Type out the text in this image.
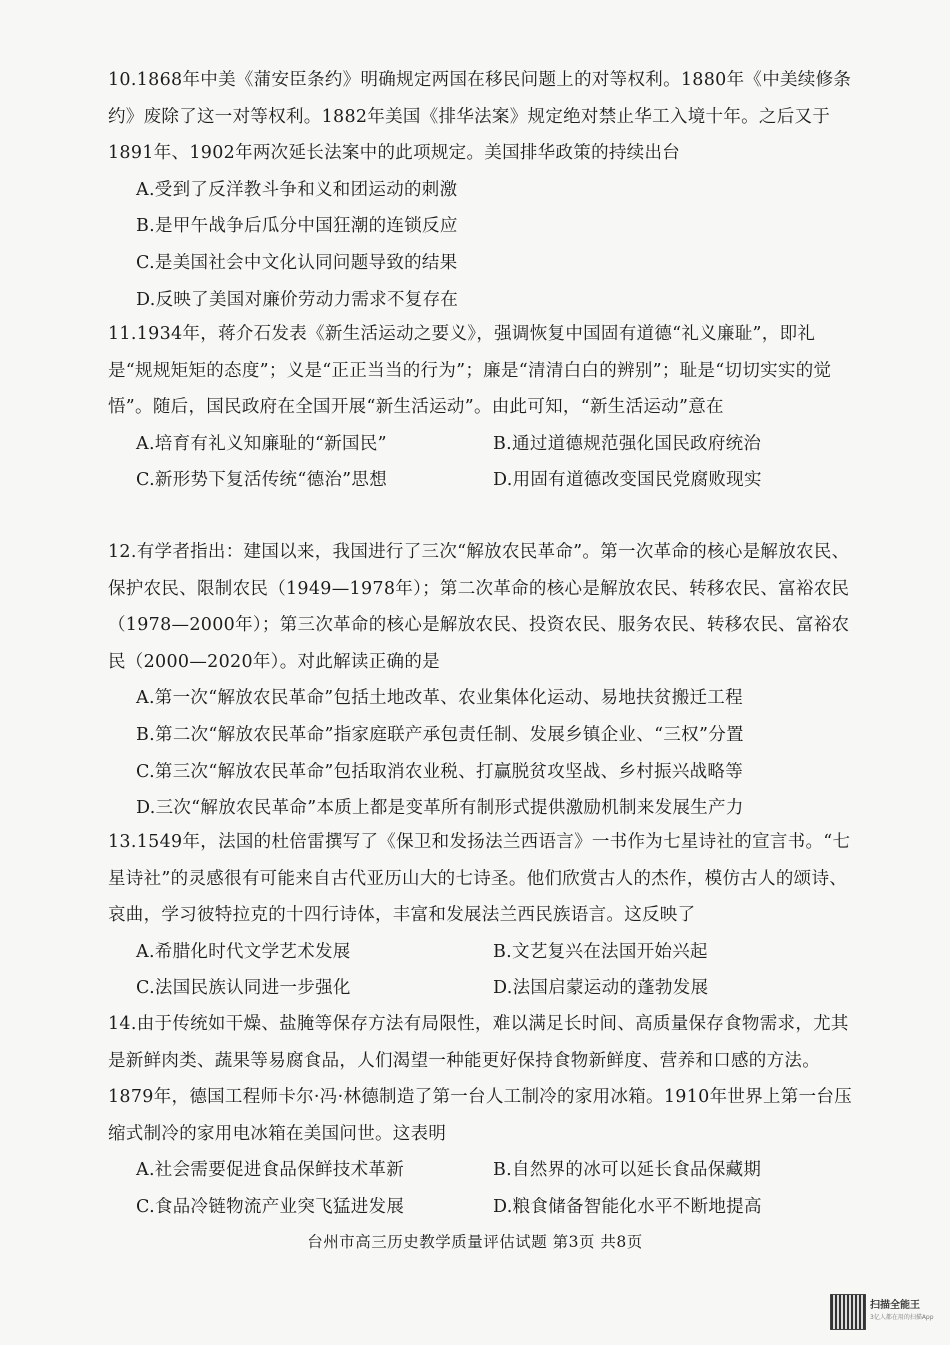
10.1868年中美《蒲安臣条约》明确规定两国在移民问题上的对等权利。1880年《中美续修条约》废除了这一对等权利。1882年美国《排华法案》规定绝对禁止华工入境十年。之后又于1891年、1902年两次延长法案中的此项规定。美国排华政策的持续出台

A.受到了反洋教斗争和义和团运动的刺激
B.是甲午战争后瓜分中国狂潮的连锁反应
C.是美国社会中文化认同问题导致的结果
D.反映了美国对廉价劳动力需求不复存在

11.1934年，蒋介石发表《新生活运动之要义》，强调恢复中国固有道德“礼义廉耻”，即礼是“规规矩矩的态度”；义是“正正当当的行为”；廉是“清清白白的辨别”；耻是“切切实实的觉悟”。随后，国民政府在全国开展“新生活运动”。由此可知，“新生活运动”意在

A.培育有礼义知廉耻的“新国民”	B.通过道德规范强化国民政府统治
C.新形势下复活传统“德治”思想	D.用固有道德改变国民党腐败现实

12.有学者指出：建国以来，我国进行了三次“解放农民革命”。第一次革命的核心是解放农民、保护农民、限制农民（1949—1978年）；第二次革命的核心是解放农民、转移农民、富裕农民（1978—2000年）；第三次革命的核心是解放农民、投资农民、服务农民、转移农民、富裕农民（2000—2020年）。对此解读正确的是

A.第一次“解放农民革命”包括土地改革、农业集体化运动、易地扶贫搬迁工程
B.第二次“解放农民革命”指家庭联产承包责任制、发展乡镇企业、“三权”分置
C.第三次“解放农民革命”包括取消农业税、打赢脱贫攻坚战、乡村振兴战略等
D.三次“解放农民革命”本质上都是变革所有制形式提供激励机制来发展生产力

13.1549年，法国的杜倍雷撰写了《保卫和发扬法兰西语言》一书作为七星诗社的宣言书。“七星诗社”的灵感很有可能来自古代亚历山大的七诗圣。他们欣赏古人的杰作，模仿古人的颂诗、哀曲，学习彼特拉克的十四行诗体，丰富和发展法兰西民族语言。这反映了

A.希腊化时代文学艺术发展	B.文艺复兴在法国开始兴起
C.法国民族认同进一步强化	D.法国启蒙运动的蓬勃发展

14.由于传统如干燥、盐腌等保存方法有局限性，难以满足长时间、高质量保存食物需求，尤其是新鲜肉类、蔬果等易腐食品，人们渴望一种能更好保持食物新鲜度、营养和口感的方法。1879年，德国工程师卡尔·冯·林德制造了第一台人工制冷的家用冰箱。1910年世界上第一台压缩式制冷的家用电冰箱在美国问世。这表明

A.社会需要促进食品保鲜技术革新	B.自然界的冰可以延长食品保藏期
C.食品冷链物流产业突飞猛进发展	D.粮食储备智能化水平不断地提高
台州市高三历史教学质量评估试题 第3页 共8页
扫描全能王
3亿人都在用的扫描App
